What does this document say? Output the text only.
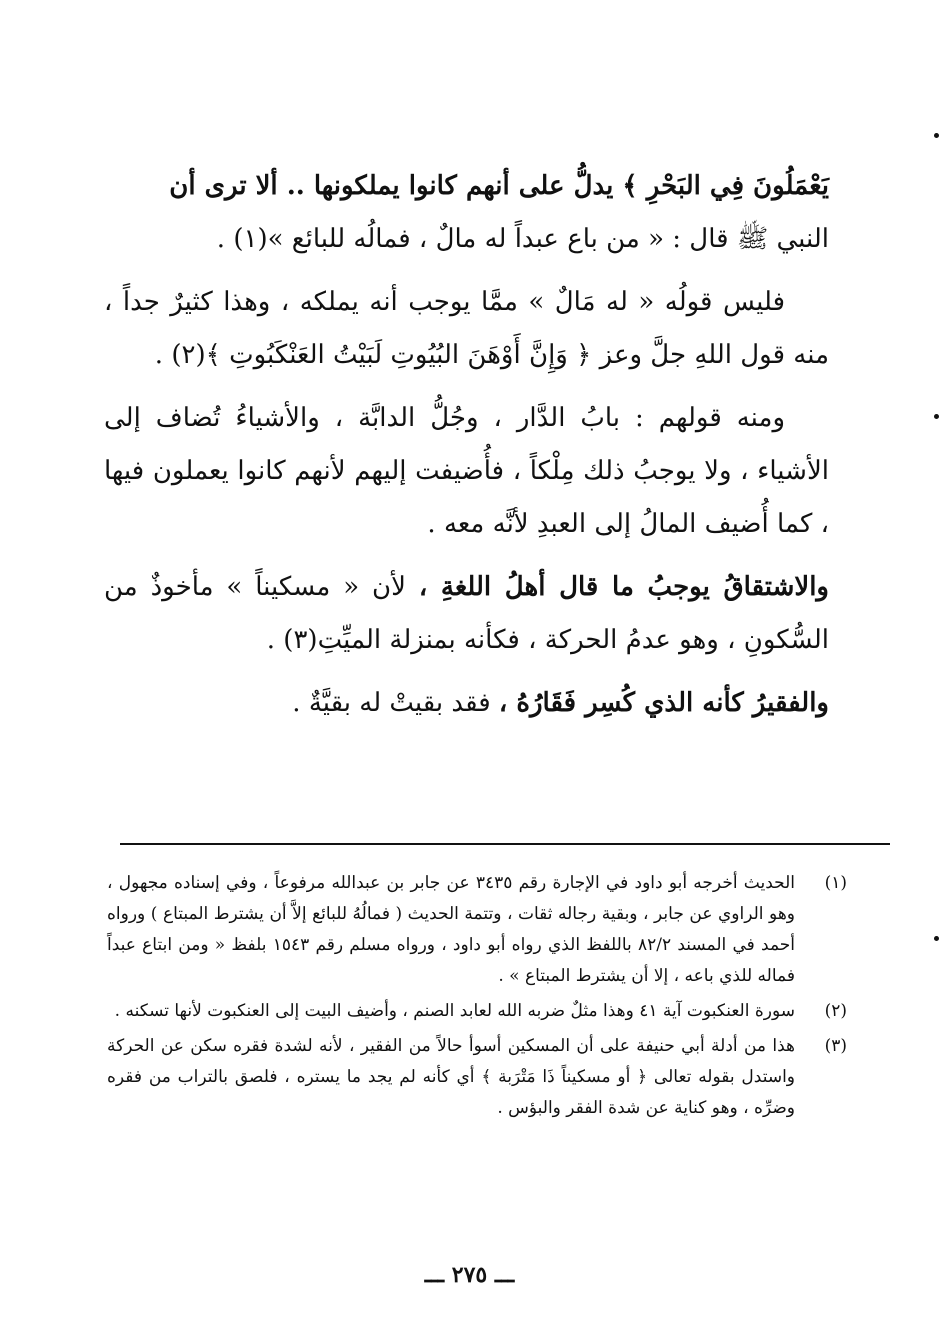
يَعْمَلُونَ فِي البَحْرِ ﴾ يدلُّ على أنهم كانوا يملكونها .. ألا ترى أن
النبي ﷺ قال : « من باع عبداً له مالٌ ، فمالُه للبائع »(١) .

فليس قولُه « له مَالٌ » ممَّا يوجب أنه يملكه ، وهذا كثيرٌ جداً ، منه قول اللهِ جلَّ وعز ﴿ وَإِنَّ أَوْهَنَ البُيُوتِ لَبَيْتُ العَنْكَبُوتِ ﴾(٢) .

ومنه قولهم : بابُ الدَّار ، وجُلُّ الدابَّة ، والأشياءُ تُضاف إلى الأشياء ، ولا يوجبُ ذلك مِلْكاً ، فأُضيفت إليهم لأنهم كانوا يعملون فيها ، كما أُضيف المالُ إلى العبدِ لأنَّه معه .

والاشتقاقُ يوجبُ ما قال أهلُ اللغةِ ، لأن « مسكيناً » مأخوذٌ من السُّكونِ ، وهو عدمُ الحركة ، فكأنه بمنزلة الميِّتِ(٣) .

والفقيرُ كأنه الذي كُسِر فَقَارُهُ ، فقد بقيتْ له بقيَّةٌ .

(١)
الحديث أخرجه أبو داود في الإجارة رقم ٣٤٣٥ عن جابر بن عبدالله مرفوعاً ، وفي إسناده مجهول ، وهو الراوي عن جابر ، وبقية رجاله ثقات ، وتتمة الحديث ( فمالُهُ للبائع إلاَّ أن يشترط المبتاع ) ورواه أحمد في المسند ٨٢/٢ باللفظ الذي رواه أبو داود ، ورواه مسلم رقم ١٥٤٣ بلفظ « ومن ابتاع عبداً فماله للذي باعه ، إلا أن يشترط المبتاع » .
(٢)
سورة العنكبوت آية ٤١ وهذا مثلٌ ضربه الله لعابد الصنم ، وأضيف البيت إلى العنكبوت لأنها تسكنه .
(٣)
هذا من أدلة أبي حنيفة على أن المسكين أسوأ حالاً من الفقير ، لأنه لشدة فقره سكن عن الحركة واستدل بقوله تعالى ﴿ أو مسكيناً ذَا مَتْرَبة ﴾ أي كأنه لم يجد ما يستره ، فلصق بالتراب من فقره وضرِّه ، وهو كناية عن شدة الفقر والبؤس .
ـــ ٢٧٥ ـــ
